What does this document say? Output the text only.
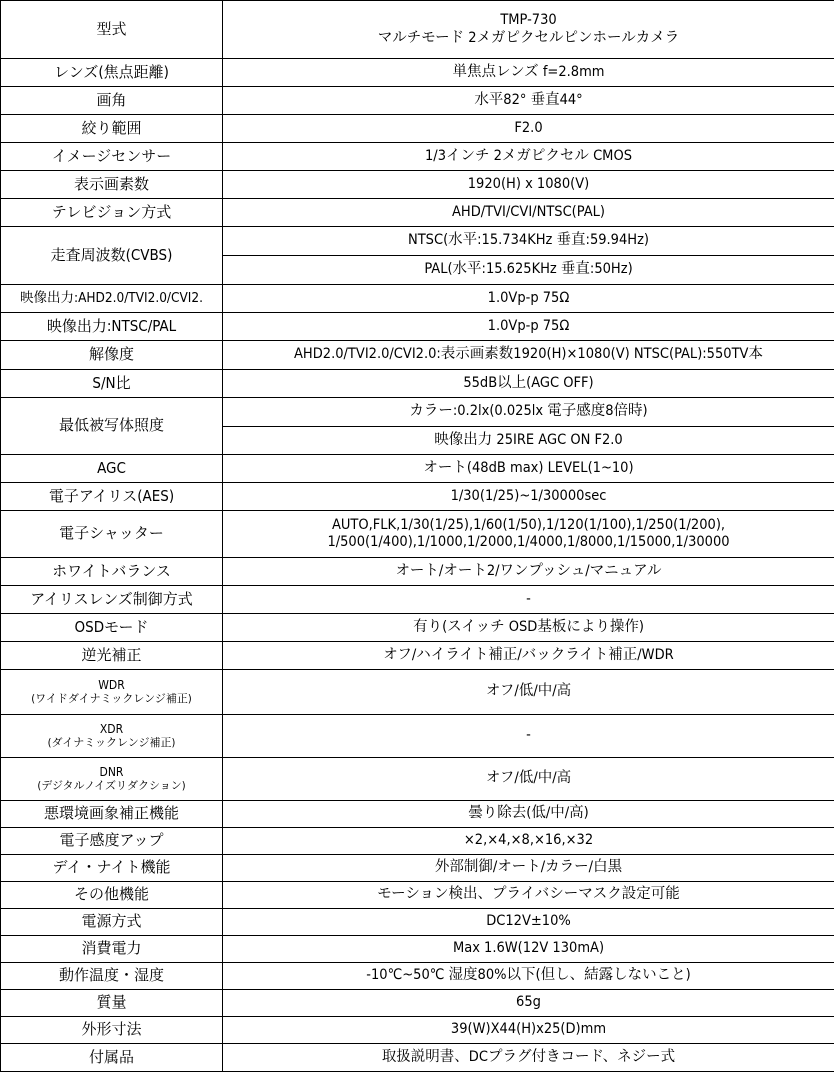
型式	TMP-730
マルチモード 2メガピクセルピンホールカメラ

レンズ(焦点距離)	単焦点レンズ f=2.8mm
画角	水平82° 垂直44°
絞り範囲	F2.0
イメージセンサー	1/3インチ 2メガピクセル CMOS
表示画素数	1920(H) x 1080(V)
テレビジョン方式	AHD/TVI/CVI/NTSC(PAL)
走査周波数(CVBS)	NTSC(水平:15.734KHz 垂直:59.94Hz)
	PAL(水平:15.625KHz 垂直:50Hz)
映像出力:AHD2.0/TVI2.0/CVI2.	1.0Vp-p 75Ω
映像出力:NTSC/PAL	1.0Vp-p 75Ω
解像度	AHD2.0/TVI2.0/CVI2.0:表示画素数1920(H)×1080(V) NTSC(PAL):550TV本
S/N比	55dB以上(AGC OFF)
最低被写体照度	カラー:0.2lx(0.025lx 電子感度8倍時)
	映像出力 25IRE AGC ON F2.0
AGC	オート(48dB max) LEVEL(1~10)
電子アイリス(AES)	1/30(1/25)~1/30000sec
電子シャッター	AUTO,FLK,1/30(1/25),1/60(1/50),1/120(1/100),1/250(1/200),
1/500(1/400),1/1000,1/2000,1/4000,1/8000,1/15000,1/30000

ホワイトバランス	オート/オート2/ワンプッシュ/マニュアル
アイリスレンズ制御方式	-
OSDモード	有り(スイッチ OSD基板により操作)
逆光補正	オフ/ハイライト補正/バックライト補正/WDR

WDR
(ワイドダイナミックレンジ補正)	オフ/低/中/高

XDR
(ダイナミックレンジ補正)	-

DNR
(デジタルノイズリダクション)	オフ/低/中/高
悪環境画象補正機能	曇り除去(低/中/高)
電子感度アップ	×2,×4,×8,×16,×32
デイ・ナイト機能	外部制御/オート/カラー/白黒
その他機能	モーション検出、プライバシーマスク設定可能
電源方式	DC12V±10%
消費電力	Max 1.6W(12V 130mA)
動作温度・湿度	-10℃~50℃ 湿度80%以下(但し、結露しないこと)
質量	65g
外形寸法	39(W)X44(H)x25(D)mm
付属品	取扱説明書、DCプラグ付きコード、ネジー式
